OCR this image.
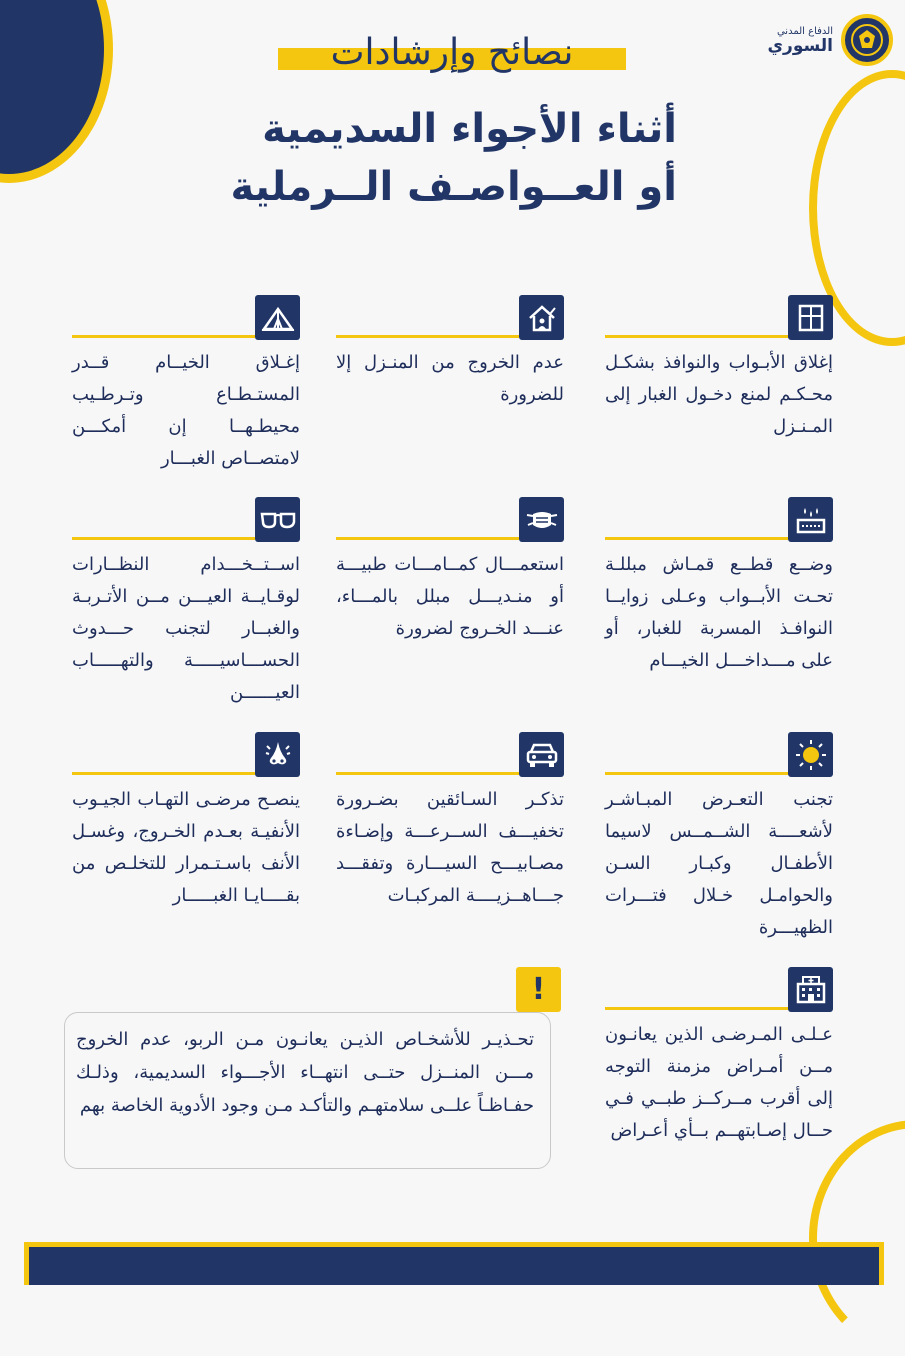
الدفاع المدني
السوري
نصائح وإرشادات
أثناء الأجواء السديمية
أو العــواصـف الــرملية
إغلاق الأبـواب والنوافذ بشكـل محـكـم لمنع دخـول الغبار إلى المـنـزل
عدم الخروج من المنـزل إلا للضرورة
إغـلاق الخيــام قــدر المستـطـاع وتـرطـيب محيطـهــا إن أمكـــن لامتصــاص الغبـــار
وضــع قطــع قمـاش مبللـة تحـت الأبــواب وعـلى زوايــا النوافـذ المسربة للغبار، أو على مـــداخـــل الخيـــام
استعمـــال كمــامـــات طبيـــة أو منـديـــل مبلل بالمـــاء، عنـــد الخـروج لضرورة
اســتــخـــدام النظــارات لوقـايــة العيـــن مــن الأتـربـة والغبــار لتجنب حـــدوث الحســـاسيـــــة والتهـــــاب العيــــــن
تجنب التعـرض المبـاشـر لأشعــــة الشــمــس لاسيما الأطفـال وكبـار السـن والحوامـل خـلال فتـــرات الظهيـــرة
تذكـر السـائقين بضـرورة تخفيـــف الســرعـــة وإضـاءة مصـابيـــح السيـــارة وتفقـــد جـــاهــزيــــة المركبـات
ينصـح مرضـى التهـاب الجيـوب الأنفيـة بعـدم الخـروج، وغسـل الأنف باسـتـمرار للتخلـص من بقــــايـا الغبـــــار
عـلـى المـرضـى الذين يعانـون مــن أمـراض مزمنة التوجه إلى أقرب مــركــز طبــي فـي حــال إصـابتهــم بــأي أعـراض
!
تحـذيـر للأشخـاص الذيـن يعانـون مـن الربو، عدم الخروج مـــن المنــزل حتــى انتهــاء الأجـــواء السديمية، وذلـك حفـاظـاً علــى سلامتهـم والتأكـد مـن وجود الأدوية الخاصة بهم
